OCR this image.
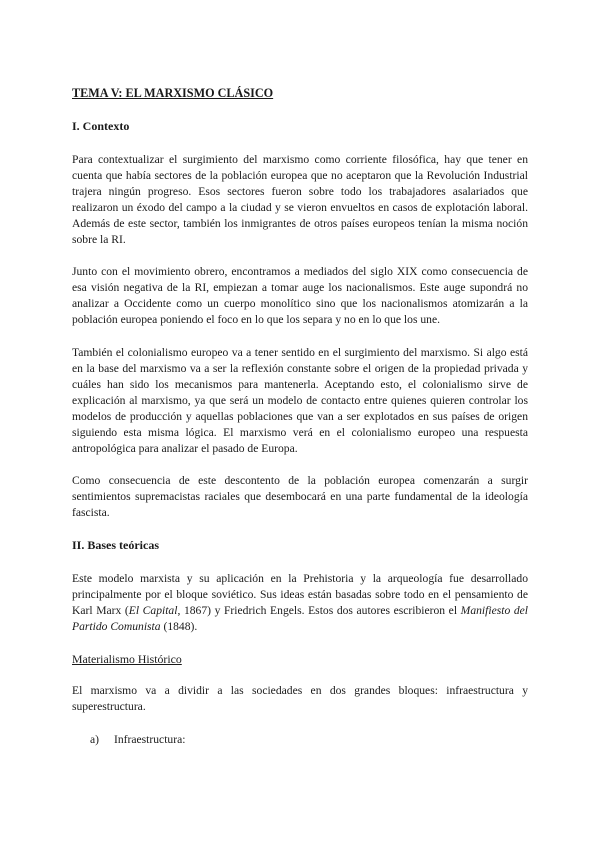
TEMA V: EL MARXISMO CLÁSICO

I. Contexto

Para contextualizar el surgimiento del marxismo como corriente filosófica, hay que tener en cuenta que había sectores de la población europea que no aceptaron que la Revolución Industrial trajera ningún progreso. Esos sectores fueron sobre todo los trabajadores asalariados que realizaron un éxodo del campo a la ciudad y se vieron envueltos en casos de explotación laboral. Además de este sector, también los inmigrantes de otros países europeos tenían la misma noción sobre la RI.

Junto con el movimiento obrero, encontramos a mediados del siglo XIX como consecuencia de esa visión negativa de la RI, empiezan a tomar auge los nacionalismos. Este auge supondrá no analizar a Occidente como un cuerpo monolítico sino que los nacionalismos atomizarán a la población europea poniendo el foco en lo que los separa y no en lo que los une.

También el colonialismo europeo va a tener sentido en el surgimiento del marxismo. Si algo está en la base del marxismo va a ser la reflexión constante sobre el origen de la propiedad privada y cuáles han sido los mecanismos para mantenerla. Aceptando esto, el colonialismo sirve de explicación al marxismo, ya que será un modelo de contacto entre quienes quieren controlar los modelos de producción y aquellas poblaciones que van a ser explotados en sus países de origen siguiendo esta misma lógica. El marxismo verá en el colonialismo europeo una respuesta antropológica para analizar el pasado de Europa.

Como consecuencia de este descontento de la población europea comenzarán a surgir sentimientos supremacistas raciales que desembocará en una parte fundamental de la ideología fascista.

II. Bases teóricas

Este modelo marxista y su aplicación en la Prehistoria y la arqueología fue desarrollado principalmente por el bloque soviético. Sus ideas están basadas sobre todo en el pensamiento de Karl Marx (El Capital, 1867) y Friedrich Engels. Estos dos autores escribieron el Manifiesto del Partido Comunista (1848).

Materialismo Histórico

El marxismo va a dividir a las sociedades en dos grandes bloques: infraestructura y superestructura.

a) Infraestructura:
